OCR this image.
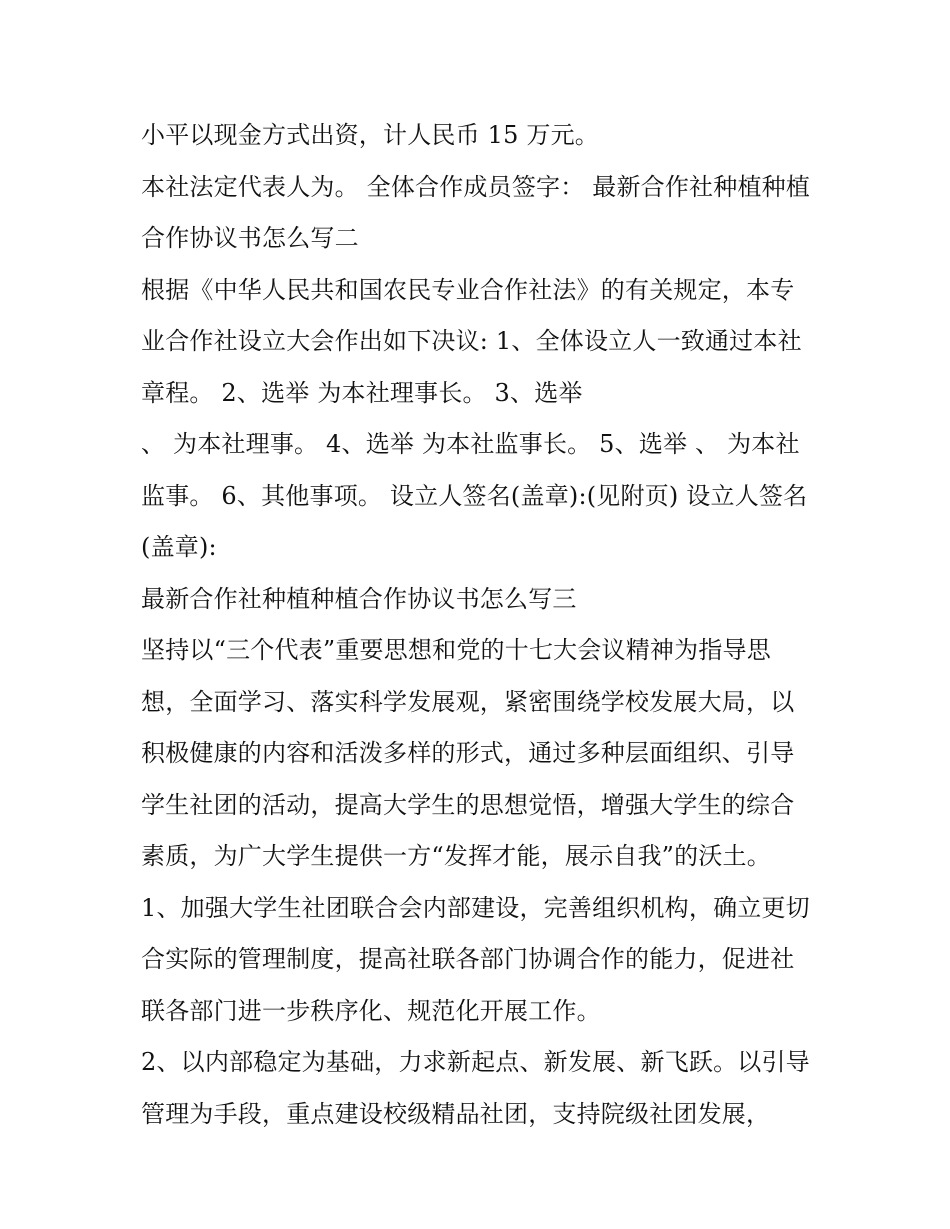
小平以现金方式出资，计人民币 15 万元。

本社法定代表人为。 全体合作成员签字： 最新合作社种植种植合作协议书怎么写二

根据《中华人民共和国农民专业合作社法》的有关规定，本专业合作社设立大会作出如下决议: 1、全体设立人一致通过本社章程。 2、选举 为本社理事长。 3、选举

、 为本社理事。 4、选举 为本社监事长。 5、选举 、 为本社监事。 6、其他事项。 设立人签名(盖章):(见附页) 设立人签名(盖章):

最新合作社种植种植合作协议书怎么写三

坚持以“三个代表”重要思想和党的十七大会议精神为指导思想，全面学习、落实科学发展观，紧密围绕学校发展大局，以积极健康的内容和活泼多样的形式，通过多种层面组织、引导学生社团的活动，提高大学生的思想觉悟，增强大学生的综合素质，为广大学生提供一方“发挥才能，展示自我”的沃土。

1、加强大学生社团联合会内部建设，完善组织机构，确立更切合实际的管理制度，提高社联各部门协调合作的能力，促进社联各部门进一步秩序化、规范化开展工作。

2、以内部稳定为基础，力求新起点、新发展、新飞跃。以引导管理为手段，重点建设校级精品社团，支持院级社团发展，
